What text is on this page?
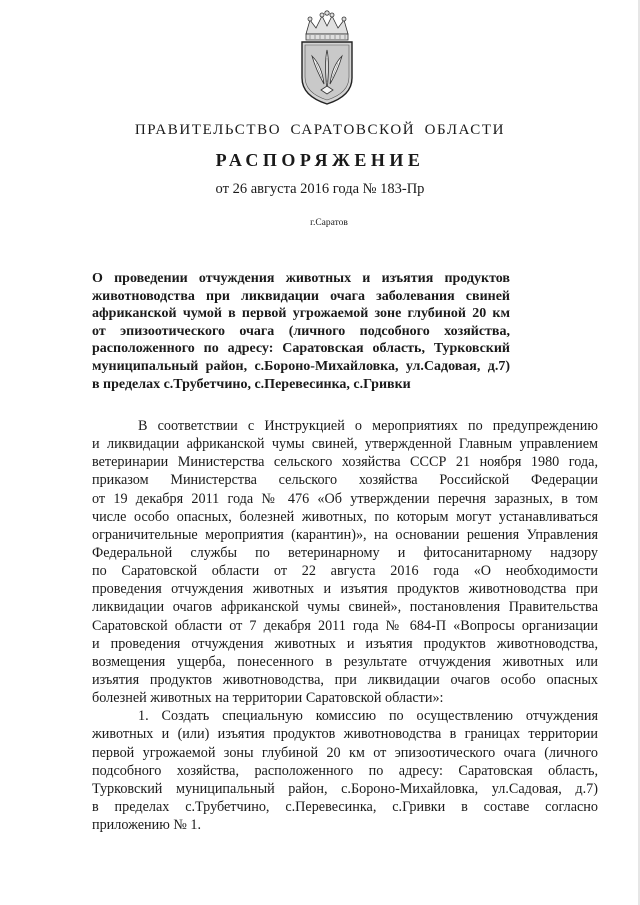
ПРАВИТЕЛЬСТВО САРАТОВСКОЙ ОБЛАСТИ
РАСПОРЯЖЕНИЕ
от 26 августа 2016 года № 183-Пр
г.Саратов
О проведении отчуждения животных и изъятия продуктов
животноводства при ликвидации очага заболевания свиней
африканской чумой в первой угрожаемой зоне глубиной 20 км
от эпизоотического очага (личного подсобного хозяйства,
расположенного по адресу: Саратовская область, Турковский
муниципальный район, с.Бороно-Михайловка, ул.Садовая, д.7)
в пределах с.Трубетчино, с.Перевесинка, с.Гривки
В соответствии с Инструкцией о мероприятиях по предупреждению
и ликвидации африканской чумы свиней, утвержденной Главным управлением
ветеринарии Министерства сельского хозяйства СССР 21 ноября 1980 года,
приказом Министерства сельского хозяйства Российской Федерации
от 19 декабря 2011 года № 476 «Об утверждении перечня заразных, в том
числе особо опасных, болезней животных, по которым могут устанавливаться
ограничительные мероприятия (карантин)», на основании решения Управления
Федеральной службы по ветеринарному и фитосанитарному надзору
по Саратовской области от 22 августа 2016 года «О необходимости
проведения отчуждения животных и изъятия продуктов животноводства при
ликвидации очагов африканской чумы свиней», постановления Правительства
Саратовской области от 7 декабря 2011 года № 684-П «Вопросы организации
и проведения отчуждения животных и изъятия продуктов животноводства,
возмещения ущерба, понесенного в результате отчуждения животных или
изъятия продуктов животноводства, при ликвидации очагов особо опасных
болезней животных на территории Саратовской области»:
1. Создать специальную комиссию по осуществлению отчуждения
животных и (или) изъятия продуктов животноводства в границах территории
первой угрожаемой зоны глубиной 20 км от эпизоотического очага (личного
подсобного хозяйства, расположенного по адресу: Саратовская область,
Турковский муниципальный район, с.Бороно-Михайловка, ул.Садовая, д.7)
в пределах с.Трубетчино, с.Перевесинка, с.Гривки в составе согласно
приложению № 1.
